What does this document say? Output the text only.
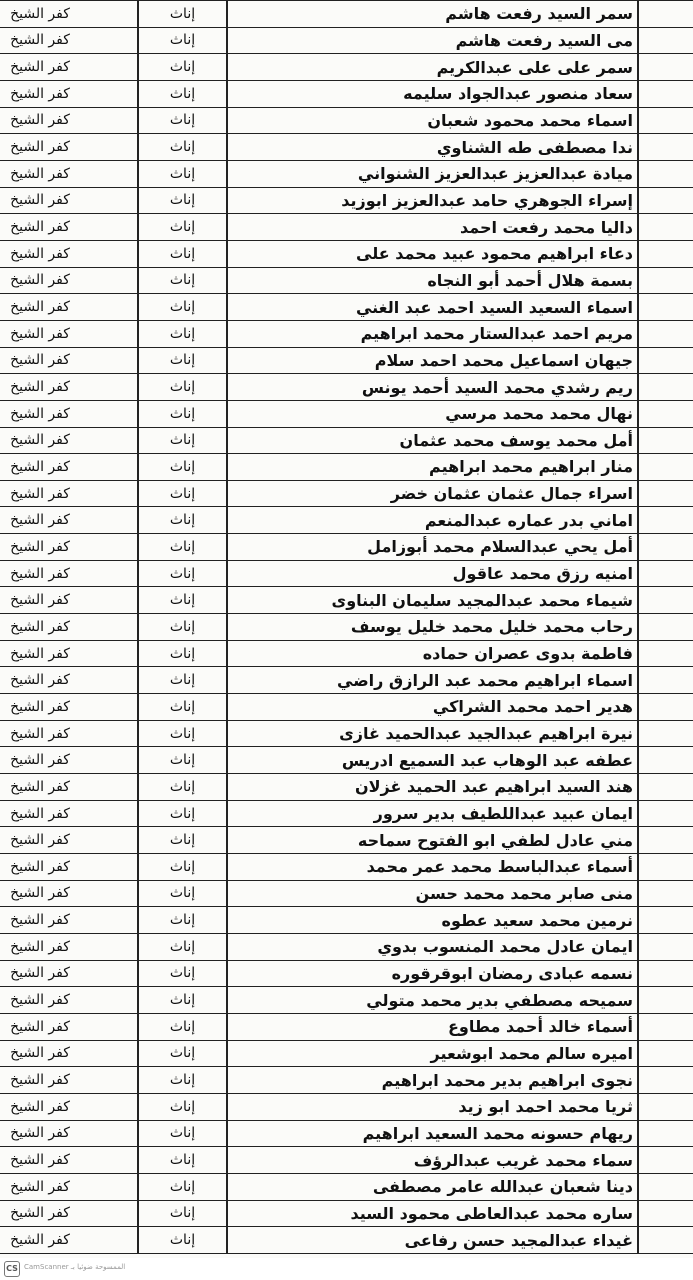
كفر الشيخ		إناث	سمر السيد رفعت هاشم	
كفر الشيخ		إناث	مى السيد رفعت هاشم	
كفر الشيخ		إناث	سمر على على عبدالكريم	
كفر الشيخ		إناث	سعاد منصور عبدالجواد سليمه	
كفر الشيخ		إناث	اسماء محمد محمود شعبان	
كفر الشيخ		إناث	ندا مصطفى طه الشناوي	
كفر الشيخ		إناث	ميادة عبدالعزيز عبدالعزيز الشنواني	
كفر الشيخ		إناث	إسراء الجوهري حامد عبدالعزيز ابوزيد	
كفر الشيخ		إناث	داليا محمد رفعت احمد	
كفر الشيخ		إناث	دعاء ابراهيم محمود عبيد محمد على	
كفر الشيخ		إناث	بسمة هلال أحمد أبو النجاه	
كفر الشيخ		إناث	اسماء السعيد السيد احمد عبد الغني	
كفر الشيخ		إناث	مريم احمد عبدالستار محمد ابراهيم	
كفر الشيخ		إناث	جيهان اسماعيل محمد احمد سلام	
كفر الشيخ		إناث	ريم رشدي محمد السيد أحمد يونس	
كفر الشيخ		إناث	نهال محمد محمد مرسي	
كفر الشيخ		إناث	أمل محمد يوسف محمد عثمان	
كفر الشيخ		إناث	منار ابراهيم محمد ابراهيم	
كفر الشيخ		إناث	اسراء جمال عثمان عثمان خضر	
كفر الشيخ		إناث	اماني بدر عماره عبدالمنعم	
كفر الشيخ		إناث	أمل يحي عبدالسلام محمد أبوزامل	
كفر الشيخ		إناث	امنيه رزق محمد عاقول	
كفر الشيخ		إناث	شيماء محمد عبدالمجيد سليمان البناوى	
كفر الشيخ		إناث	رحاب محمد خليل محمد خليل يوسف	
كفر الشيخ		إناث	فاطمة بدوى عصران حماده	
كفر الشيخ		إناث	اسماء ابراهيم محمد عبد الرازق راضي	
كفر الشيخ		إناث	هدير احمد محمد الشراكي	
كفر الشيخ		إناث	نيرة ابراهيم عبدالجيد عبدالحميد غازى	
كفر الشيخ		إناث	عطفه عبد الوهاب عبد السميع ادريس	
كفر الشيخ		إناث	هند السيد ابراهيم عبد الحميد غزلان	
كفر الشيخ		إناث	ايمان عبيد عبداللطيف بدير سرور	
كفر الشيخ		إناث	مني عادل لطفي ابو الفتوح سماحه	
كفر الشيخ		إناث	أسماء عبدالباسط محمد عمر محمد	
كفر الشيخ		إناث	منى صابر محمد محمد حسن	
كفر الشيخ		إناث	نرمين محمد سعيد عطوه	
كفر الشيخ		إناث	ايمان عادل محمد المنسوب بدوي	
كفر الشيخ		إناث	نسمه عبادى رمضان ابوقرقوره	
كفر الشيخ		إناث	سميحه مصطفي بدير محمد متولي	
كفر الشيخ		إناث	أسماء خالد أحمد مطاوع	
كفر الشيخ		إناث	اميره سالم محمد ابوشعير	
كفر الشيخ		إناث	نجوى ابراهيم بدير محمد ابراهيم	
كفر الشيخ		إناث	ثريا محمد احمد ابو زيد	
كفر الشيخ		إناث	ريهام حسونه محمد السعيد ابراهيم	
كفر الشيخ		إناث	سماء محمد غريب عبدالرؤف	
كفر الشيخ		إناث	دينا شعبان عبدالله عامر مصطفى	
كفر الشيخ		إناث	ساره محمد عبدالعاطى محمود السيد	
كفر الشيخ		إناث	غيداء عبدالمجيد حسن رفاعى	
CS CamScanner الممسوحة ضوئيا بـ
